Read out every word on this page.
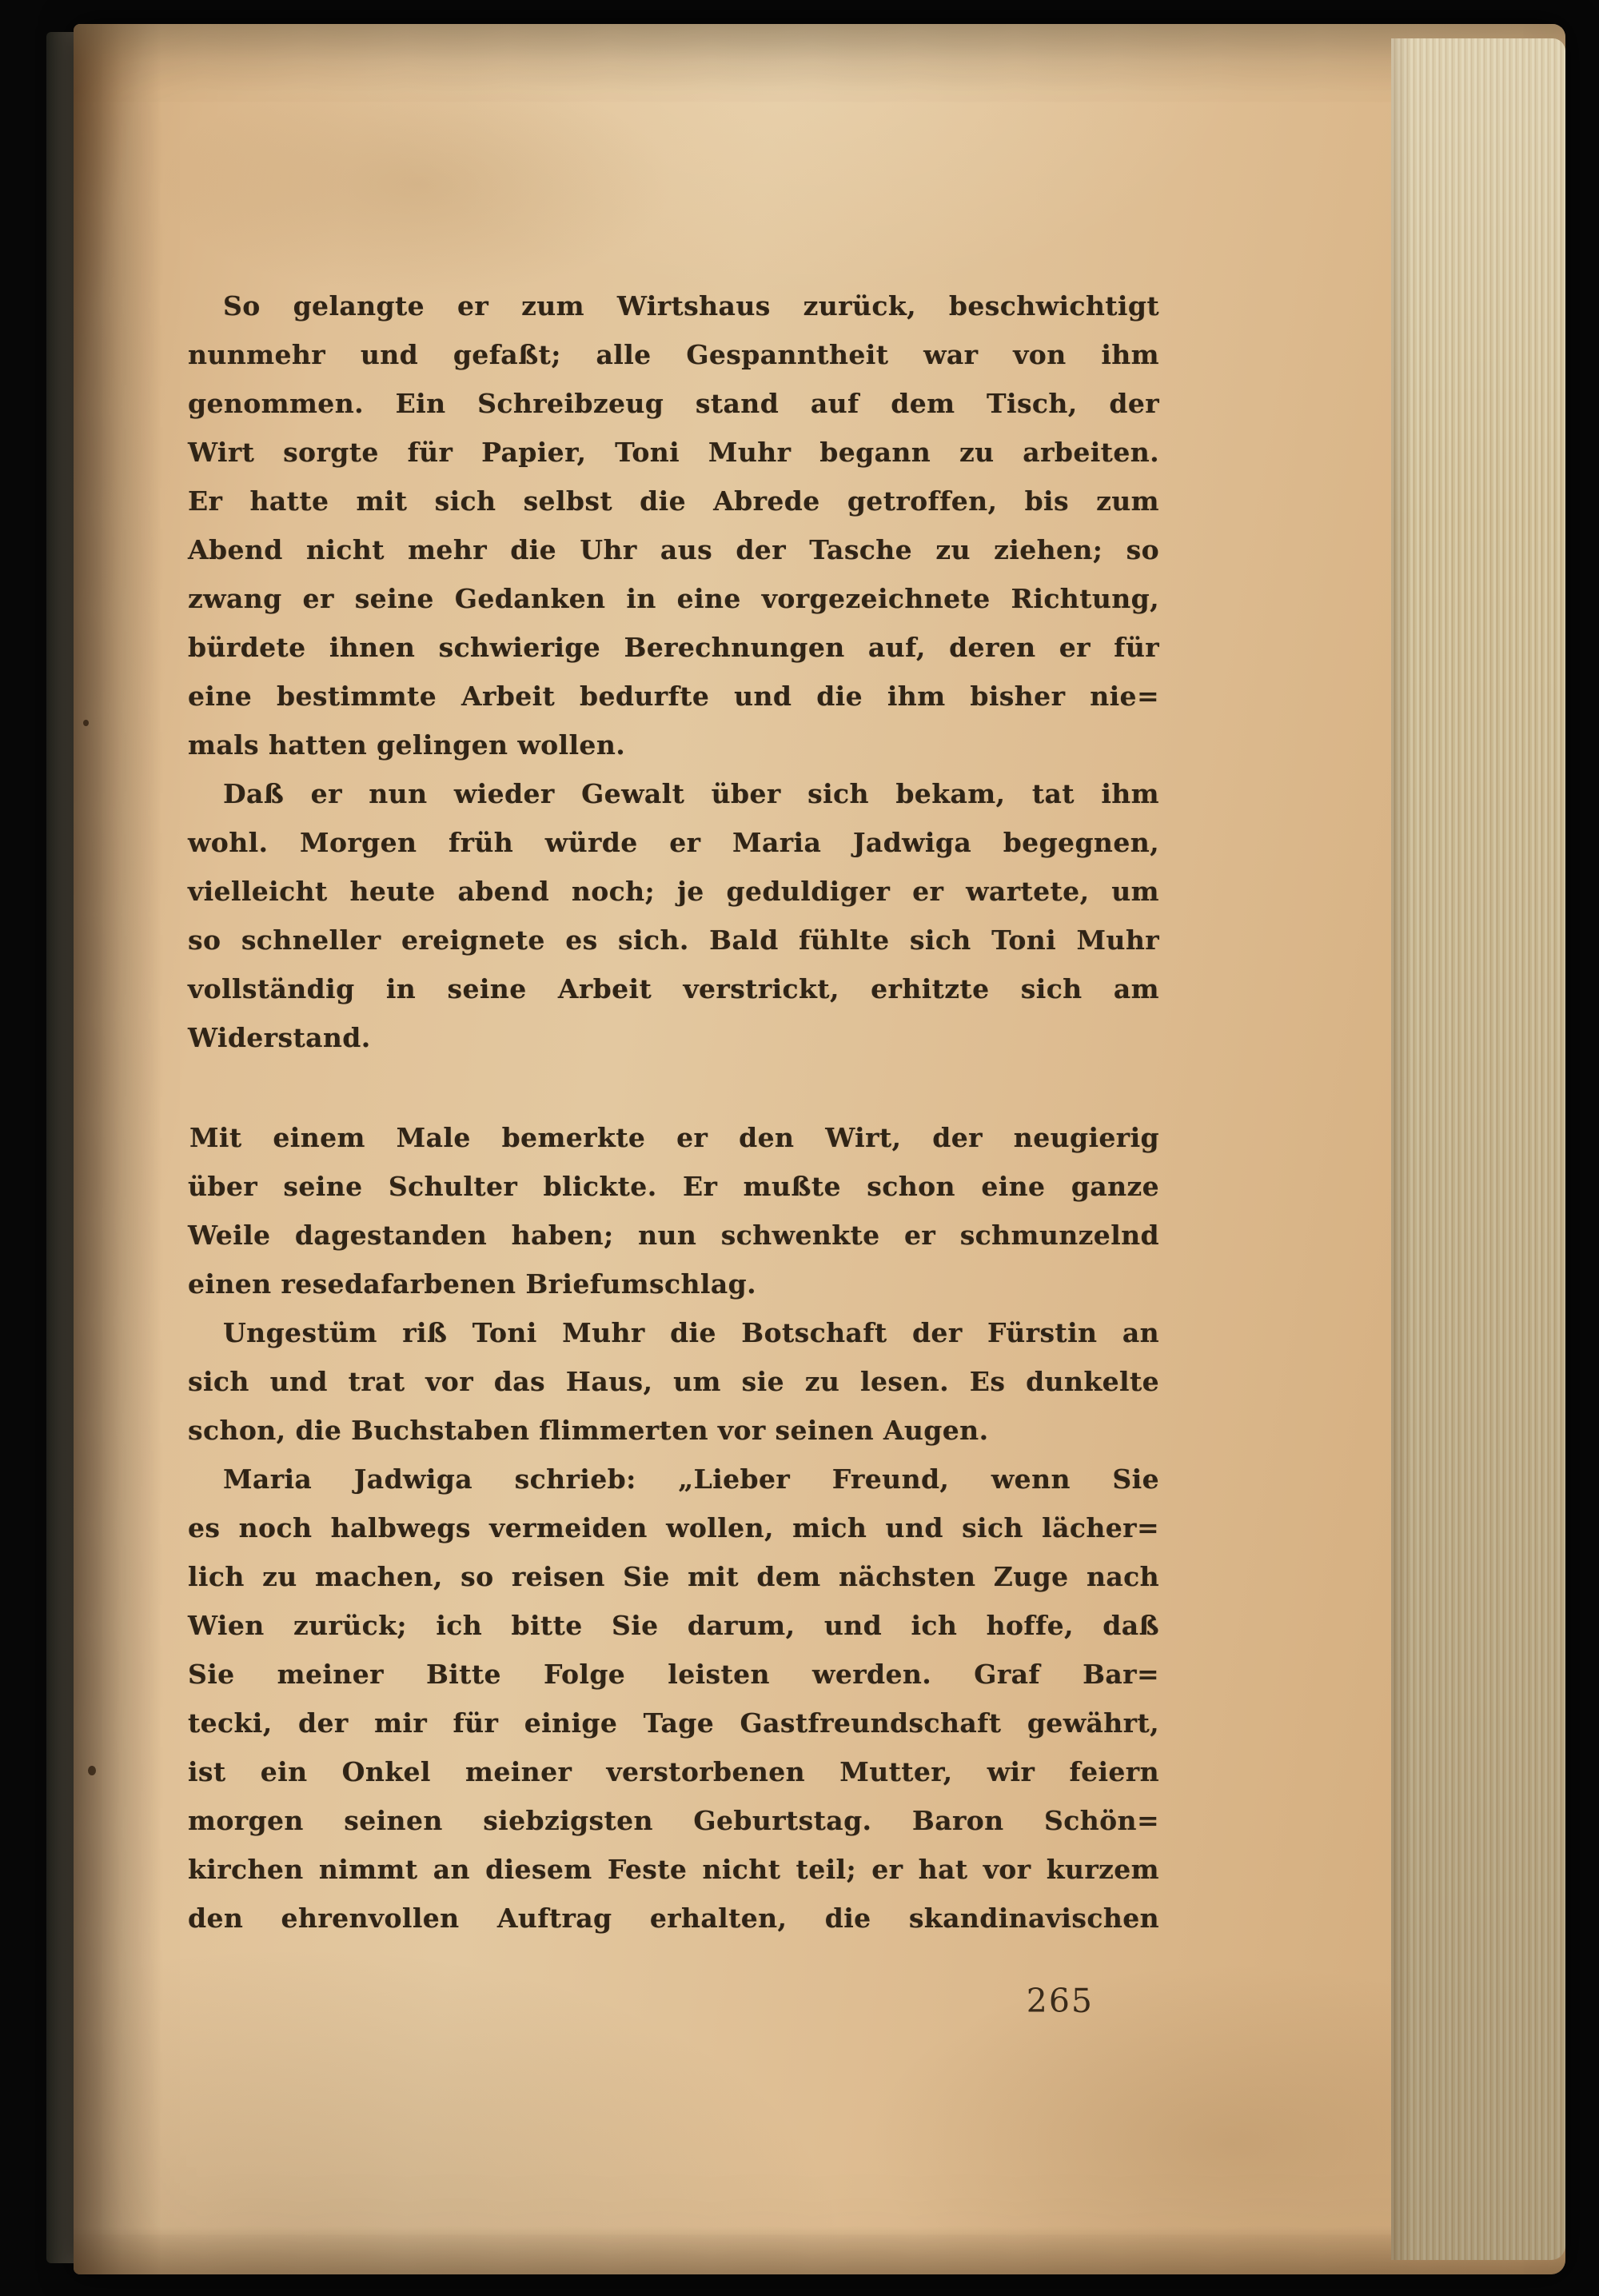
So gelangte er zum Wirtshaus zurück, beschwichtigt
nunmehr und gefaßt; alle Gespanntheit war von ihm
genommen. Ein Schreibzeug stand auf dem Tisch, der
Wirt sorgte für Papier, Toni Muhr begann zu arbeiten.
Er hatte mit sich selbst die Abrede getroffen, bis zum
Abend nicht mehr die Uhr aus der Tasche zu ziehen; so
zwang er seine Gedanken in eine vorgezeichnete Richtung,
bürdete ihnen schwierige Berechnungen auf, deren er für
eine bestimmte Arbeit bedurfte und die ihm bisher nie=
mals hatten gelingen wollen.
Daß er nun wieder Gewalt über sich bekam, tat ihm
wohl. Morgen früh würde er Maria Jadwiga begegnen,
vielleicht heute abend noch; je geduldiger er wartete, um
so schneller ereignete es sich. Bald fühlte sich Toni Muhr
vollständig in seine Arbeit verstrickt, erhitzte sich am
Widerstand.
Mit einem Male bemerkte er den Wirt, der neugierig
über seine Schulter blickte. Er mußte schon eine ganze
Weile dagestanden haben; nun schwenkte er schmunzelnd
einen resedafarbenen Briefumschlag.
Ungestüm riß Toni Muhr die Botschaft der Fürstin an
sich und trat vor das Haus, um sie zu lesen. Es dunkelte
schon, die Buchstaben flimmerten vor seinen Augen.
Maria Jadwiga schrieb: „Lieber Freund, wenn Sie
es noch halbwegs vermeiden wollen, mich und sich lächer=
lich zu machen, so reisen Sie mit dem nächsten Zuge nach
Wien zurück; ich bitte Sie darum, und ich hoffe, daß
Sie meiner Bitte Folge leisten werden. Graf Bar=
tecki, der mir für einige Tage Gastfreundschaft gewährt,
ist ein Onkel meiner verstorbenen Mutter, wir feiern
morgen seinen siebzigsten Geburtstag. Baron Schön=
kirchen nimmt an diesem Feste nicht teil; er hat vor kurzem
den ehrenvollen Auftrag erhalten, die skandinavischen
265
